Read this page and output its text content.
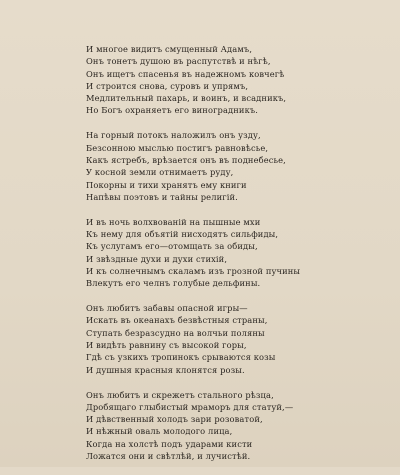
И многое видитъ смущенный Адамъ,
Онъ тонетъ душою въ распутствѣ и нѣгѣ,
Онъ ищетъ спасенья въ надежномъ ковчегѣ
И строится снова, суровъ и упрямъ,
Медлительный пахарь, и воинъ, и всадникъ,
Но Богъ охраняетъ его виноградникъ.
На горный потокъ наложилъ онъ узду,
Безсонною мыслью постигъ равновѣсье,
Какъ ястребъ, врѣзается онъ въ поднебесье,
У косной земли отнимаетъ руду,
Покорны и тихи хранятъ ему книги
Напѣвы поэтовъ и тайны религій.
И въ ночь волхвованій на пышные мхи
Къ нему для объятій нисходятъ сильфиды,
Къ услугамъ его—отомщать за обиды,
И звѣздные духи и духи стихій,
И къ солнечнымъ скаламъ изъ грозной пучины
Влекутъ его челнъ голубые дельфины.
Онъ любитъ забавы опасной игры—
Искать въ океанахъ безвѣстныя страны,
Ступать безразсудно на волчьи поляны
И видѣть равнину съ высокой горы,
Гдѣ съ узкихъ тропинокъ срываются козы
И душныя красныя клонятся розы.
Онъ любитъ и скрежетъ стального рѣзца,
Дробящаго глыбистый мраморъ для статуй,—
И дѣвственный холодъ зари розоватой,
И нѣжный оваль молодого лица,
Когда на холстѣ подъ ударами кисти
Ложатся они и свѣтлѣй, и лучистѣй.
